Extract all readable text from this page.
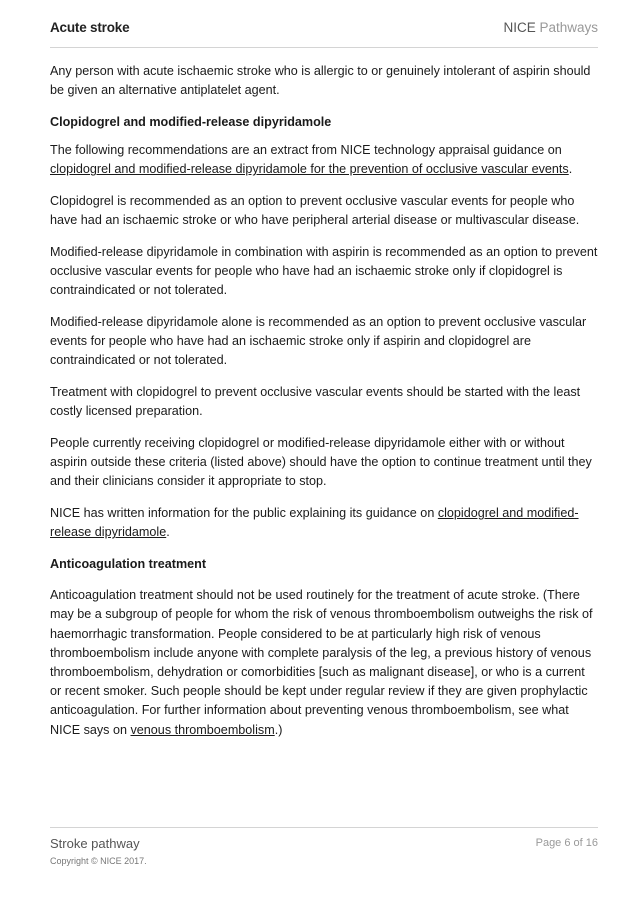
Acute stroke	NICE Pathways

Any person with acute ischaemic stroke who is allergic to or genuinely intolerant of aspirin should be given an alternative antiplatelet agent.

Clopidogrel and modified-release dipyridamole

The following recommendations are an extract from NICE technology appraisal guidance on clopidogrel and modified-release dipyridamole for the prevention of occlusive vascular events.

Clopidogrel is recommended as an option to prevent occlusive vascular events for people who have had an ischaemic stroke or who have peripheral arterial disease or multivascular disease.

Modified-release dipyridamole in combination with aspirin is recommended as an option to prevent occlusive vascular events for people who have had an ischaemic stroke only if clopidogrel is contraindicated or not tolerated.

Modified-release dipyridamole alone is recommended as an option to prevent occlusive vascular events for people who have had an ischaemic stroke only if aspirin and clopidogrel are contraindicated or not tolerated.

Treatment with clopidogrel to prevent occlusive vascular events should be started with the least costly licensed preparation.

People currently receiving clopidogrel or modified-release dipyridamole either with or without aspirin outside these criteria (listed above) should have the option to continue treatment until they and their clinicians consider it appropriate to stop.

NICE has written information for the public explaining its guidance on clopidogrel and modified-release dipyridamole.

Anticoagulation treatment

Anticoagulation treatment should not be used routinely for the treatment of acute stroke. (There may be a subgroup of people for whom the risk of venous thromboembolism outweighs the risk of haemorrhagic transformation. People considered to be at particularly high risk of venous thromboembolism include anyone with complete paralysis of the leg, a previous history of venous thromboembolism, dehydration or comorbidities [such as malignant disease], or who is a current or recent smoker. Such people should be kept under regular review if they are given prophylactic anticoagulation. For further information about preventing venous thromboembolism, see what NICE says on venous thromboembolism.)

Stroke pathway
Copyright © NICE 2017.
Page 6 of 16
